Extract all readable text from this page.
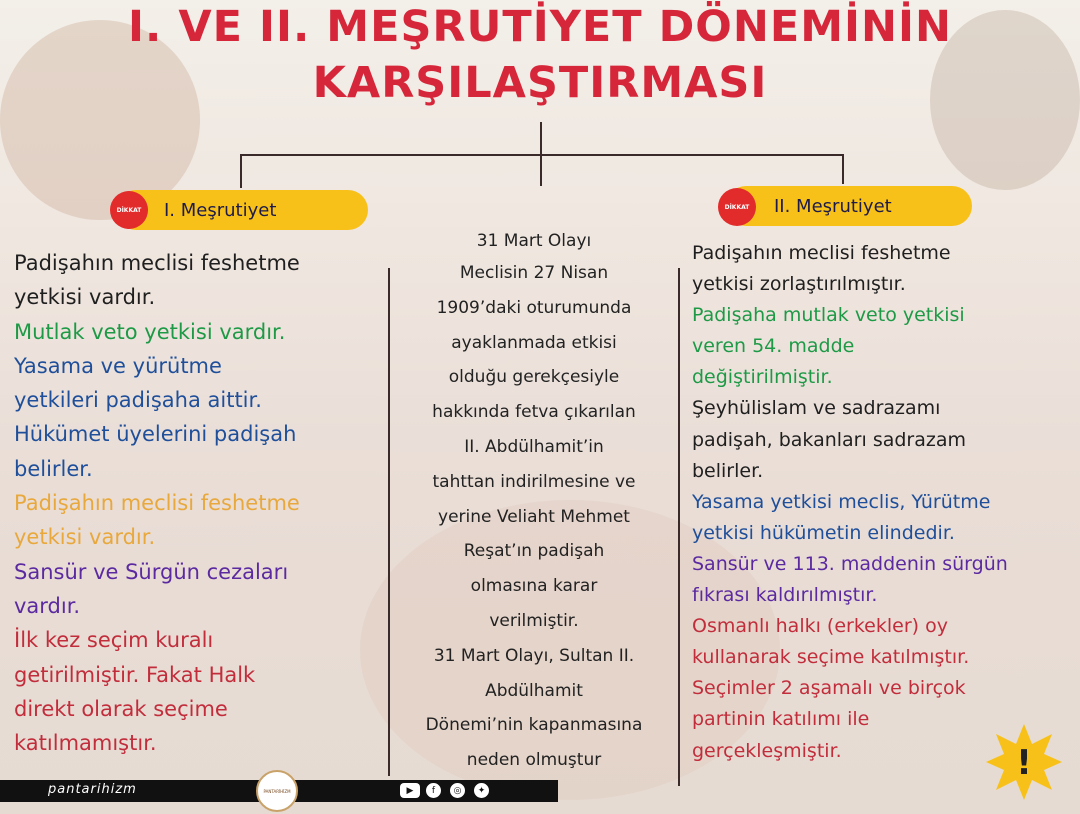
I. VE II. MEŞRUTİYET DÖNEMİNİN
KARŞILAŞTIRMASI
I. Meşrutiyet
DİKKAT	II. Meşrutiyet
DİKKAT

Padişahın meclisi feshetme

yetkisi vardır.

Mutlak veto yetkisi vardır.

Yasama ve yürütme

yetkileri padişaha aittir.

Hükümet üyelerini padişah

belirler.

Padişahın meclisi feshetme

yetkisi vardır.

Sansür ve Sürgün cezaları

vardır.

İlk kez seçim kuralı

getirilmiştir. Fakat Halk

direkt olarak seçime

katılmamıştır.

31 Mart Olayı

Meclisin 27 Nisan

1909’daki oturumunda

ayaklanmada etkisi

olduğu gerekçesiyle

hakkında fetva çıkarılan

II. Abdülhamit’in

tahttan indirilmesine ve

yerine Veliaht Mehmet

Reşat’ın padişah

olmasına karar

verilmiştir.

31 Mart Olayı, Sultan II.

Abdülhamit

Dönemi’nin kapanmasına

neden olmuştur

Padişahın meclisi feshetme

yetkisi zorlaştırılmıştır.

Padişaha mutlak veto yetkisi

veren 54. madde

değiştirilmiştir.

Şeyhülislam ve sadrazamı

padişah, bakanları sadrazam

belirler.

Yasama yetkisi meclis, Yürütme

yetkisi hükümetin elindedir.

Sansür ve 113. maddenin sürgün

fıkrası kaldırılmıştır.

Osmanlı halkı (erkekler) oy

kullanarak seçime katılmıştır.

Seçimler 2 aşamalı ve birçok

partinin katılımı ile

gerçekleşmiştir.	!
pantarihizm	PANTARİHİZM	▶	f	◎	✦
